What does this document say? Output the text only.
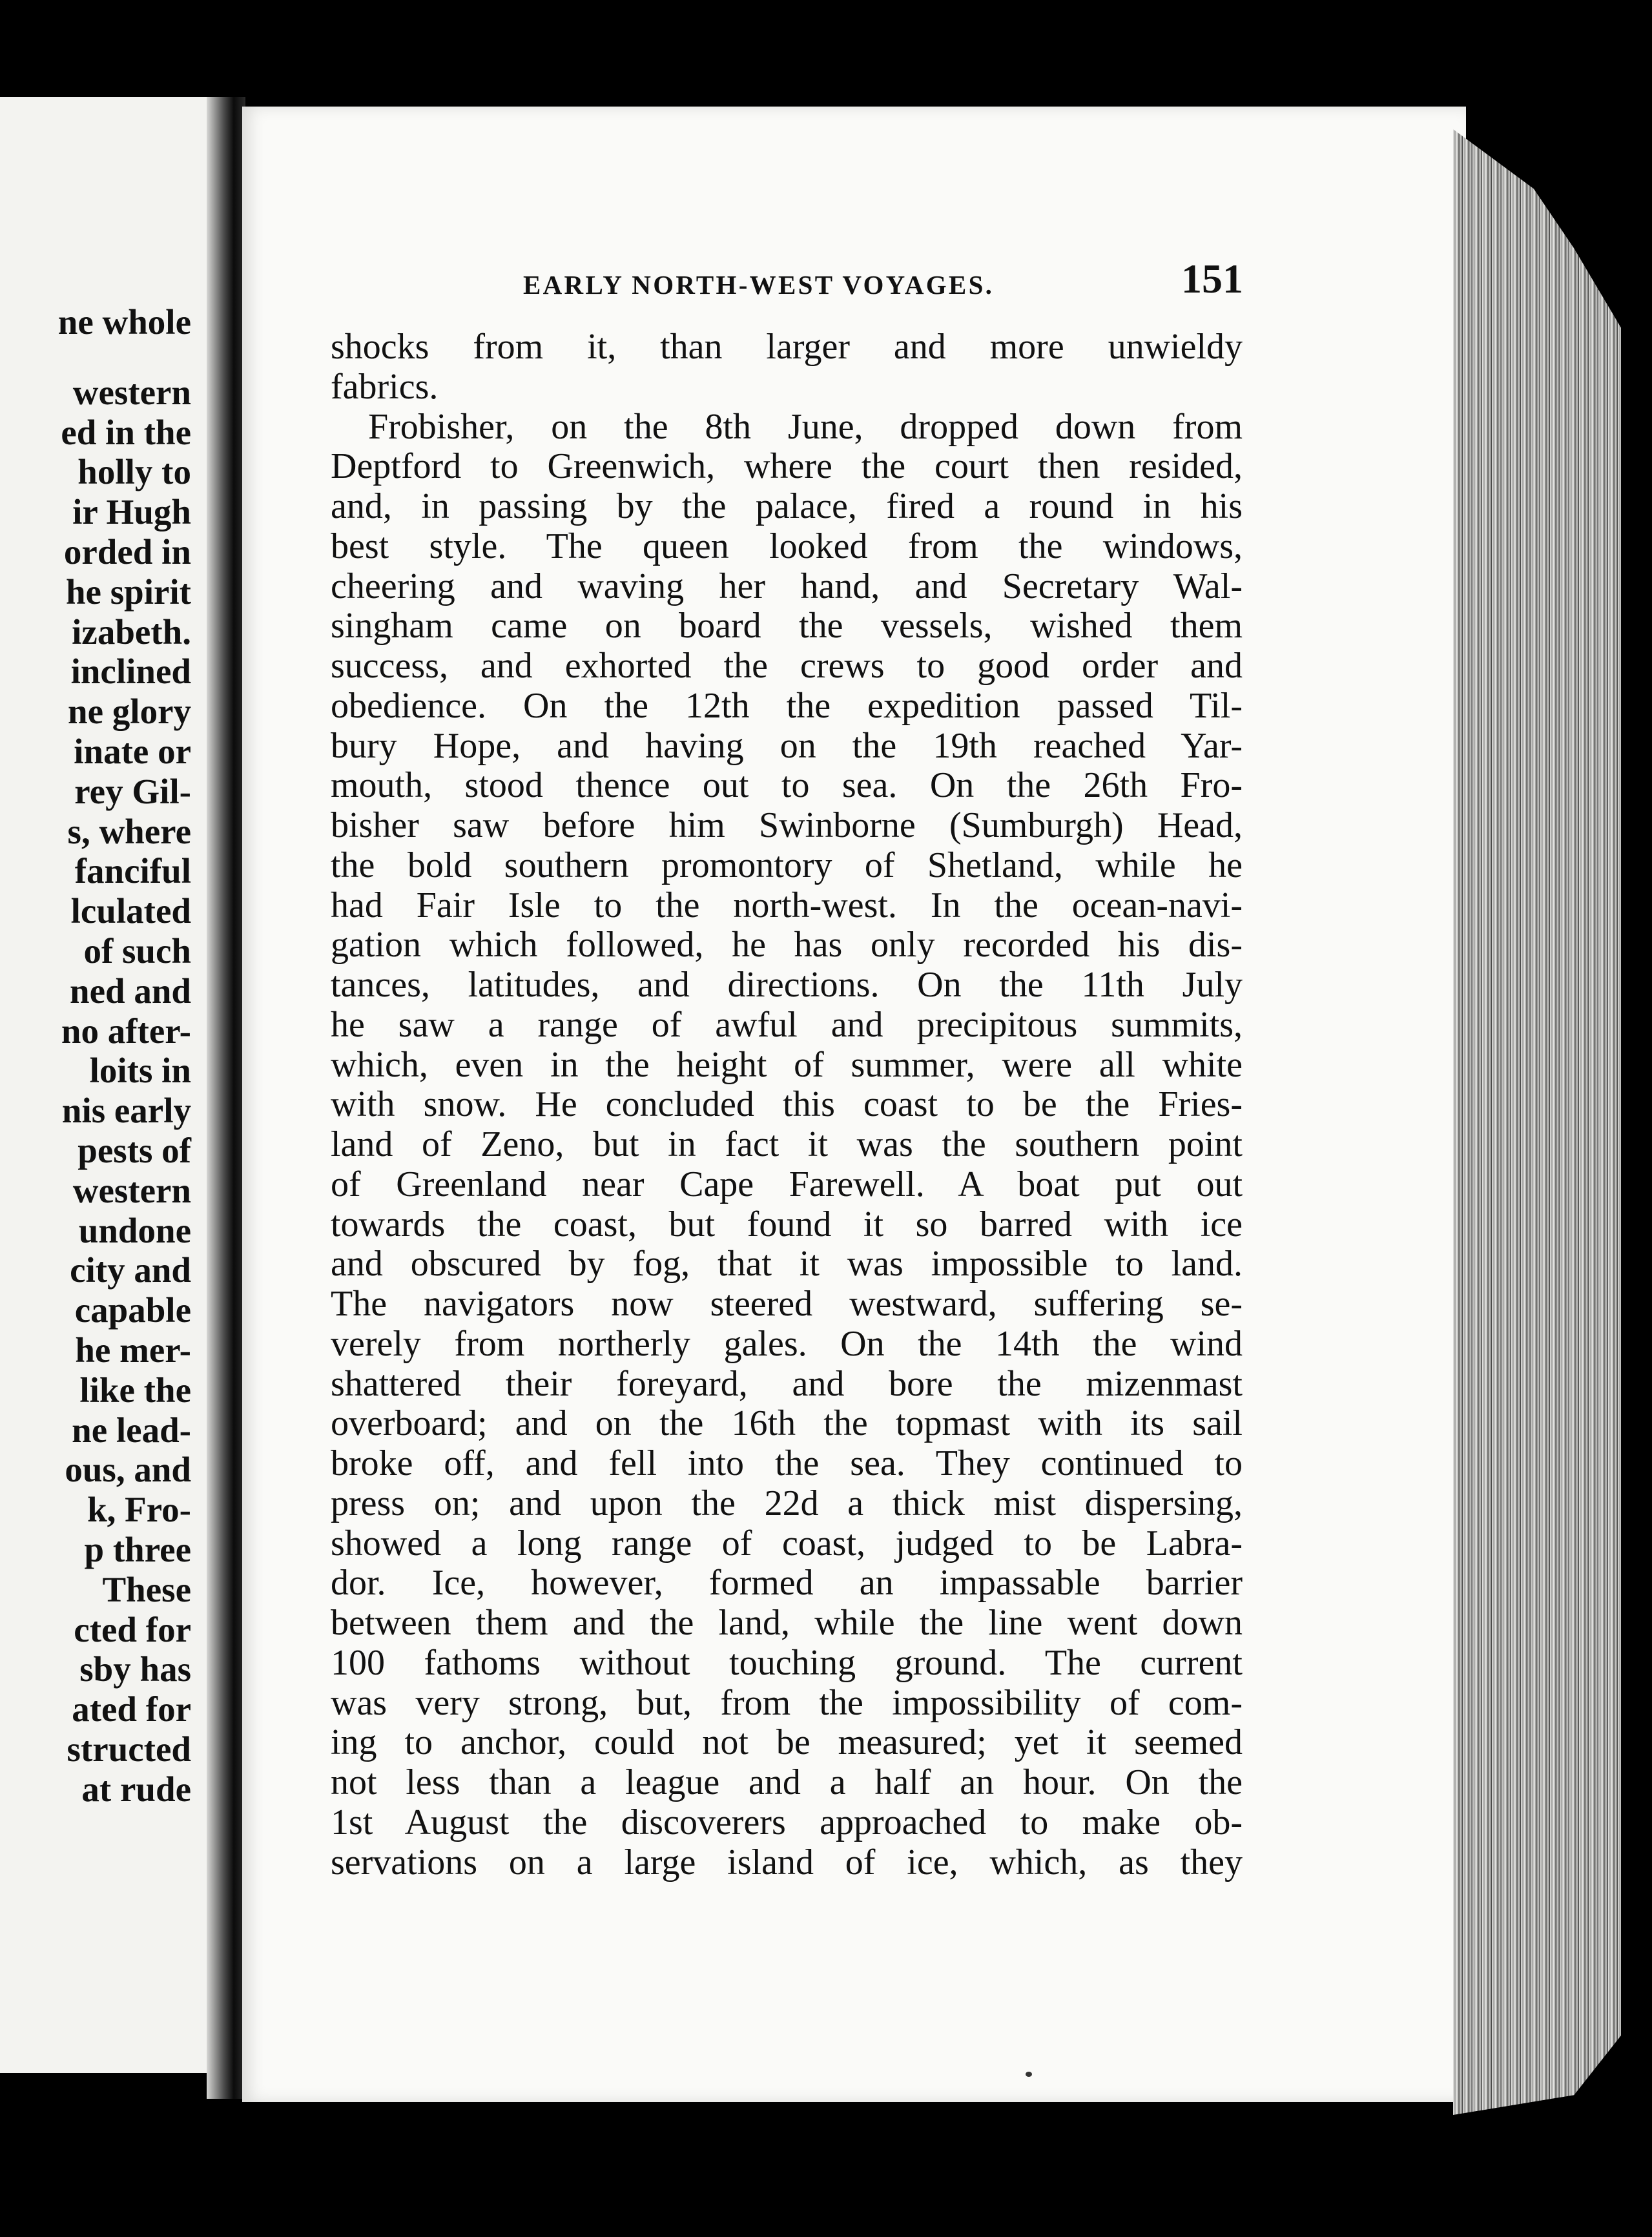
ne whole
western
ed in the
holly to
ir Hugh
orded in
he spirit
izabeth.
inclined
ne glory
inate or
rey Gil-
s, where
fanciful
lculated
of such
ned and
no after-
loits in
nis early
pests of
western
undone
city and
capable
he mer-
like the
ne lead-
ous, and
k, Fro-
p three
These
cted for
sby has
ated for
structed
at rude
EARLY NORTH-WEST VOYAGES.	151
shocks from it, than larger and more unwieldy
fabrics.
Frobisher, on the 8th June, dropped down from
Deptford to Greenwich, where the court then resided,
and, in passing by the palace, fired a round in his
best style. The queen looked from the windows,
cheering and waving her hand, and Secretary Wal-
singham came on board the vessels, wished them
success, and exhorted the crews to good order and
obedience. On the 12th the expedition passed Til-
bury Hope, and having on the 19th reached Yar-
mouth, stood thence out to sea. On the 26th Fro-
bisher saw before him Swinborne (Sumburgh) Head,
the bold southern promontory of Shetland, while he
had Fair Isle to the north-west. In the ocean-navi-
gation which followed, he has only recorded his dis-
tances, latitudes, and directions. On the 11th July
he saw a range of awful and precipitous summits,
which, even in the height of summer, were all white
with snow. He concluded this coast to be the Fries-
land of Zeno, but in fact it was the southern point
of Greenland near Cape Farewell. A boat put out
towards the coast, but found it so barred with ice
and obscured by fog, that it was impossible to land.
The navigators now steered westward, suffering se-
verely from northerly gales. On the 14th the wind
shattered their foreyard, and bore the mizenmast
overboard; and on the 16th the topmast with its sail
broke off, and fell into the sea. They continued to
press on; and upon the 22d a thick mist dispersing,
showed a long range of coast, judged to be Labra-
dor. Ice, however, formed an impassable barrier
between them and the land, while the line went down
100 fathoms without touching ground. The current
was very strong, but, from the impossibility of com-
ing to anchor, could not be measured; yet it seemed
not less than a league and a half an hour. On the
1st August the discoverers approached to make ob-
servations on a large island of ice, which, as they
